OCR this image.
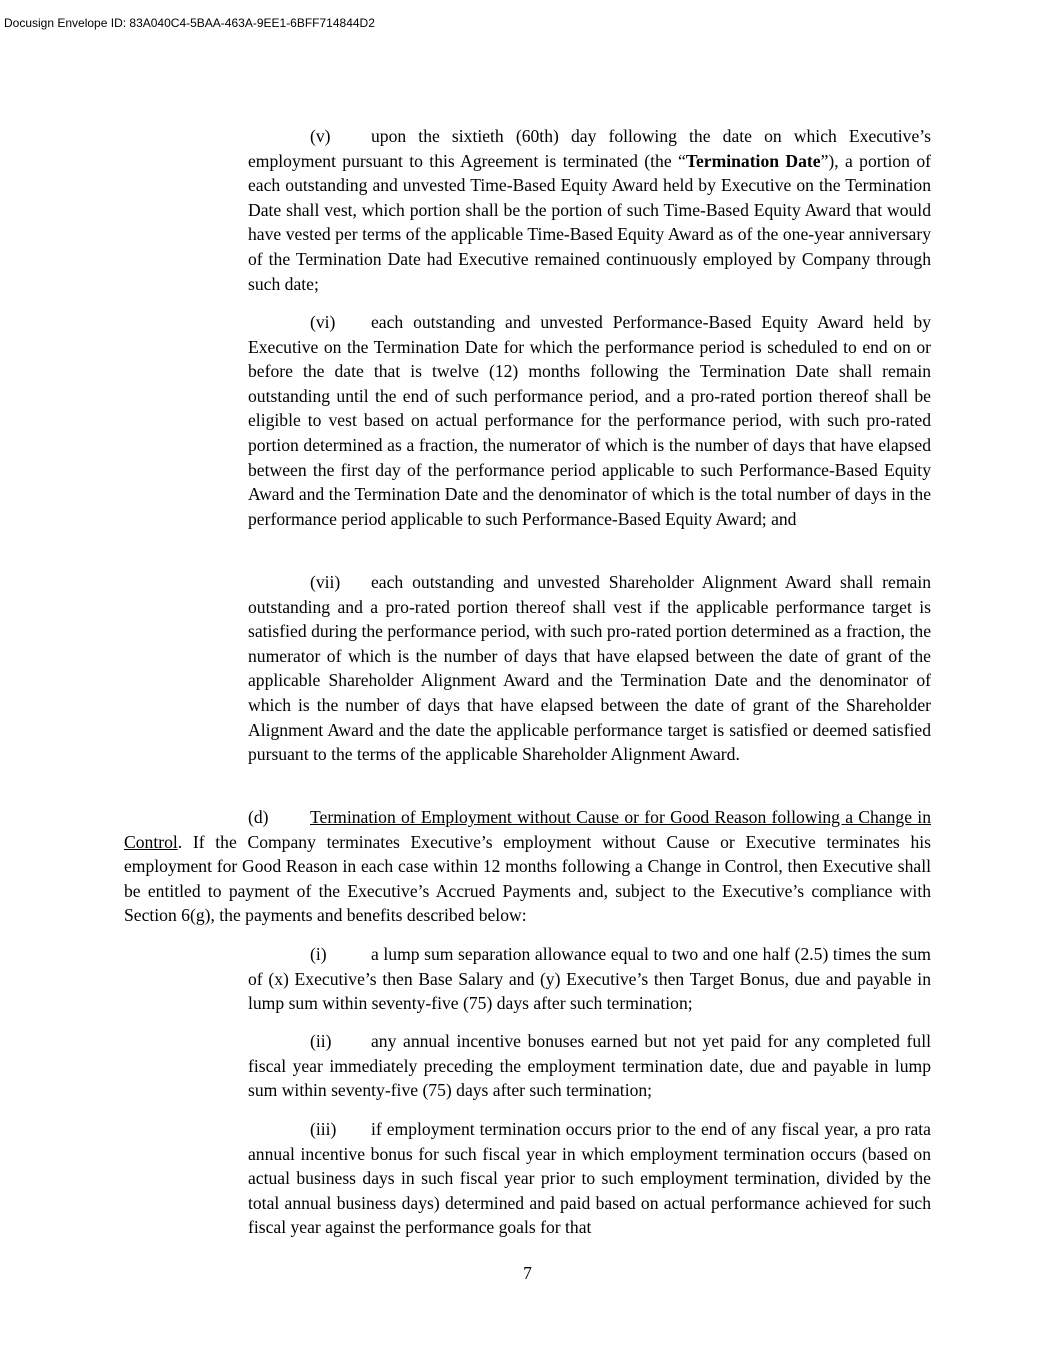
Docusign Envelope ID: 83A040C4-5BAA-463A-9EE1-6BFF714844D2

(v) upon the sixtieth (60th) day following the date on which Executive’s employment pursuant to this Agreement is terminated (the “Termination Date”), a portion of each outstanding and unvested Time-Based Equity Award held by Executive on the Termination Date shall vest, which portion shall be the portion of such Time-Based Equity Award that would have vested per terms of the applicable Time-Based Equity Award as of the one-year anniversary of the Termination Date had Executive remained continuously employed by Company through such date;

(vi) each outstanding and unvested Performance-Based Equity Award held by Executive on the Termination Date for which the performance period is scheduled to end on or before the date that is twelve (12) months following the Termination Date shall remain outstanding until the end of such performance period, and a pro-rated portion thereof shall be eligible to vest based on actual performance for the performance period, with such pro-rated portion determined as a fraction, the numerator of which is the number of days that have elapsed between the first day of the performance period applicable to such Performance-Based Equity Award and the Termination Date and the denominator of which is the total number of days in the performance period applicable to such Performance-Based Equity Award; and

(vii) each outstanding and unvested Shareholder Alignment Award shall remain outstanding and a pro-rated portion thereof shall vest if the applicable performance target is satisfied during the performance period, with such pro-rated portion determined as a fraction, the numerator of which is the number of days that have elapsed between the date of grant of the applicable Shareholder Alignment Award and the Termination Date and the denominator of which is the number of days that have elapsed between the date of grant of the Shareholder Alignment Award and the date the applicable performance target is satisfied or deemed satisfied pursuant to the terms of the applicable Shareholder Alignment Award.

(d) Termination of Employment without Cause or for Good Reason following a Change in Control. If the Company terminates Executive’s employment without Cause or Executive terminates his employment for Good Reason in each case within 12 months following a Change in Control, then Executive shall be entitled to payment of the Executive’s Accrued Payments and, subject to the Executive’s compliance with Section 6(g), the payments and benefits described below:

(i)	a lump sum separation allowance equal to two and one half (2.5) times the sum of (x) Executive’s then Base Salary and (y) Executive’s then Target Bonus, due and payable in lump sum within seventy-five (75) days after such termination;

(ii) any annual incentive bonuses earned but not yet paid for any completed full fiscal year immediately preceding the employment termination date, due and payable in lump sum within seventy-five (75) days after such termination;

(iii) if employment termination occurs prior to the end of any fiscal year, a pro rata annual incentive bonus for such fiscal year in which employment termination occurs (based on actual business days in such fiscal year prior to such employment termination, divided by the total annual business days) determined and paid based on actual performance achieved for such fiscal year against the performance goals for that

7
